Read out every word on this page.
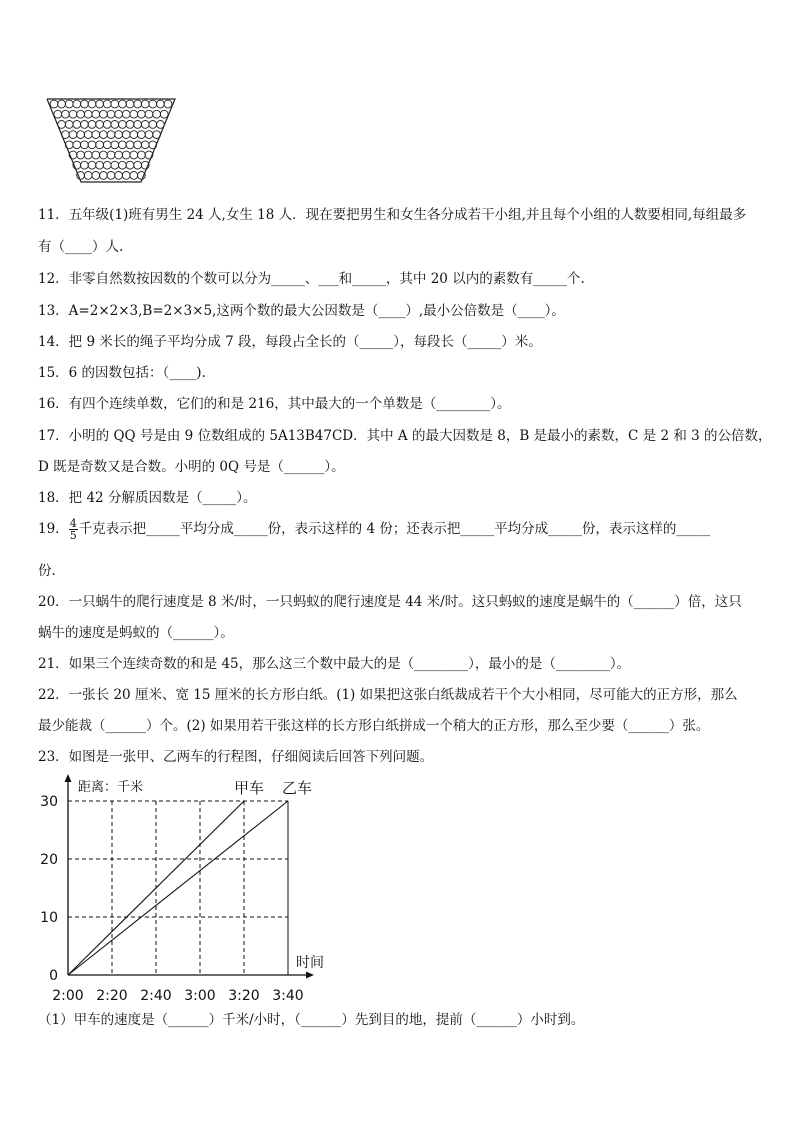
11．五年级(1)班有男生 24 人,女生 18 人．现在要把男生和女生各分成若干小组,并且每个小组的人数要相同,每组最多
有（____）人.
12．非零自然数按因数的个数可以分为_____、___和_____，其中 20 以内的素数有_____个.
13．A=2×2×3,B=2×3×5,这两个数的最大公因数是（____）,最小公倍数是（____）。
14．把 9 米长的绳子平均分成 7 段，每段占全长的（_____），每段长（_____）米。
15．6 的因数包括：（____).
16．有四个连续单数，它们的和是 216，其中最大的一个单数是（________）。
17．小明的 QQ 号是由 9 位数组成的 5A13B47CD．其中 A 的最大因数是 8，B 是最小的素数，C 是 2 和 3 的公倍数，
D 既是奇数又是合数。小明的 0Q 号是（______）。
18．把 42 分解质因数是（_____）。
19． $\frac{4}{5}$ 千克表示把_____平均分成_____份，表示这样的 4 份；还表示把_____平均分成_____份，表示这样的_____
份.
20．一只蜗牛的爬行速度是 8 米/时，一只蚂蚁的爬行速度是 44 米/时。这只蚂蚁的速度是蜗牛的（______）倍，这只
蜗牛的速度是蚂蚁的（______）。
21．如果三个连续奇数的和是 45，那么这三个数中最大的是（________），最小的是（________）。
22．一张长 20 厘米、宽 15 厘米的长方形白纸。(1) 如果把这张白纸裁成若干个大小相同，尽可能大的正方形，那么
最少能裁（______）个。(2) 如果用若干张这样的长方形白纸拼成一个稍大的正方形，那么至少要（______）张。
23．如图是一张甲、乙两车的行程图，仔细阅读后回答下列问题。
甲车 乙车
0
10
20
30
2:00 2:20 2:40 3:00 3:20 3:40
距离：千米
时间
（1）甲车的速度是（______）千米/小时，（______）先到目的地，提前（______）小时到。
